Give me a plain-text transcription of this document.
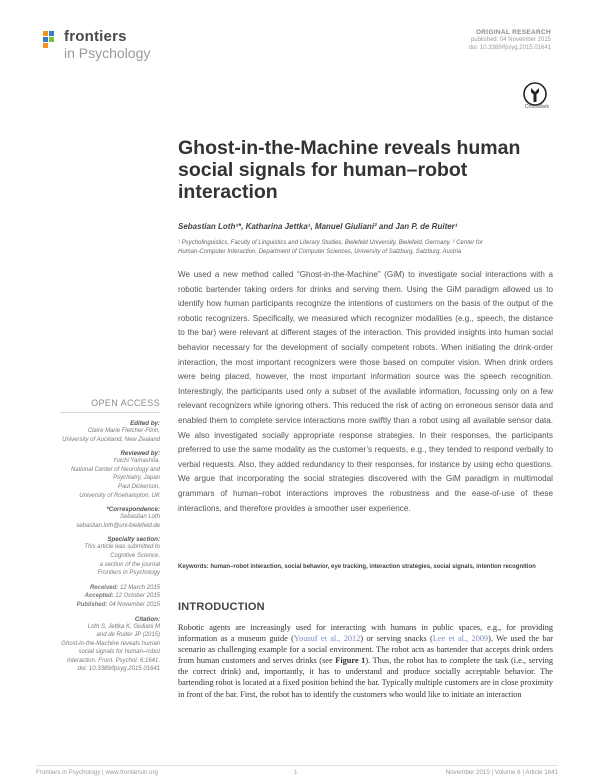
frontiers
in Psychology
ORIGINAL RESEARCH
published: 04 November 2015
doi: 10.3389/fpsyg.2015.01641
CrossMark
Ghost-in-the-Machine reveals human social signals for human–robot interaction
Sebastian Loth¹*, Katharina Jettka¹, Manuel Giuliani² and Jan P. de Ruiter¹
¹ Psycholinguistics, Faculty of Linguistics and Literary Studies, Bielefeld University, Bielefeld, Germany, ² Center for Human-Computer Interaction, Department of Computer Sciences, University of Salzburg, Salzburg, Austria
We used a new method called “Ghost-in-the-Machine” (GiM) to investigate social interactions with a robotic bartender taking orders for drinks and serving them. Using the GiM paradigm allowed us to identify how human participants recognize the intentions of customers on the basis of the output of the robotic recognizers. Specifically, we measured which recognizer modalities (e.g., speech, the distance to the bar) were relevant at different stages of the interaction. This provided insights into human social behavior necessary for the development of socially competent robots. When initiating the drink-order interaction, the most important recognizers were those based on computer vision. When drink orders were being placed, however, the most important information source was the speech recognition. Interestingly, the participants used only a subset of the available information, focussing only on a few relevant recognizers while ignoring others. This reduced the risk of acting on erroneous sensor data and enabled them to complete service interactions more swiftly than a robot using all available sensor data. We also investigated socially appropriate response strategies. In their responses, the participants preferred to use the same modality as the customer’s requests, e.g., they tended to respond verbally to verbal requests. Also, they added redundancy to their responses, for instance by using echo questions. We argue that incorporating the social strategies discovered with the GiM paradigm in multimodal grammars of human–robot interactions improves the robustness and the ease-of-use of these interactions, and therefore provides a smoother user experience.
Keywords: human–robot interaction, social behavior, eye tracking, interaction strategies, social signals, intention recognition
INTRODUCTION
Robotic agents are increasingly used for interacting with humans in public spaces, e.g., for providing information as a museum guide (Yousuf et al., 2012) or serving snacks (Lee et al., 2009). We used the bar scenario as challenging example for a social environment. The robot acts as bartender that accepts drink orders from human customers and serves drinks (see Figure 1). Thus, the robot has to complete the task (i.e., serving the correct drink) and, importantly, it has to understand and produce socially acceptable behavior. The bartending robot is located at a fixed position behind the bar. Typically multiple customers are in close proximity in front of the bar. First, the robot has to identify the customers who would like to initiate an interaction
OPEN ACCESS
Edited by:
Claire Marie Fletcher-Flinn,
University of Auckland, New Zealand
Reviewed by:
Yuichi Yamashita,
National Center of Neurology and
Psychiatry, Japan
Paul Dickerson,
University of Roehampton, UK
*Correspondence:
Sebastian Loth
sebastian.loth@uni-bielefeld.de
Specialty section:
This article was submitted to
Cognitive Science,
a section of the journal
Frontiers in Psychology
Received: 12 March 2015
Accepted: 12 October 2015
Published: 04 November 2015
Citation:
Loth S, Jettka K, Giuliani M
and de Ruiter JP (2015)
Ghost-in-the-Machine reveals human
social signals for human–robot
interaction. Front. Psychol. 6:1641.
doi: 10.3389/fpsyg.2015.01641
Frontiers in Psychology | www.frontiersin.org	1	November 2015 | Volume 6 | Article 1641
